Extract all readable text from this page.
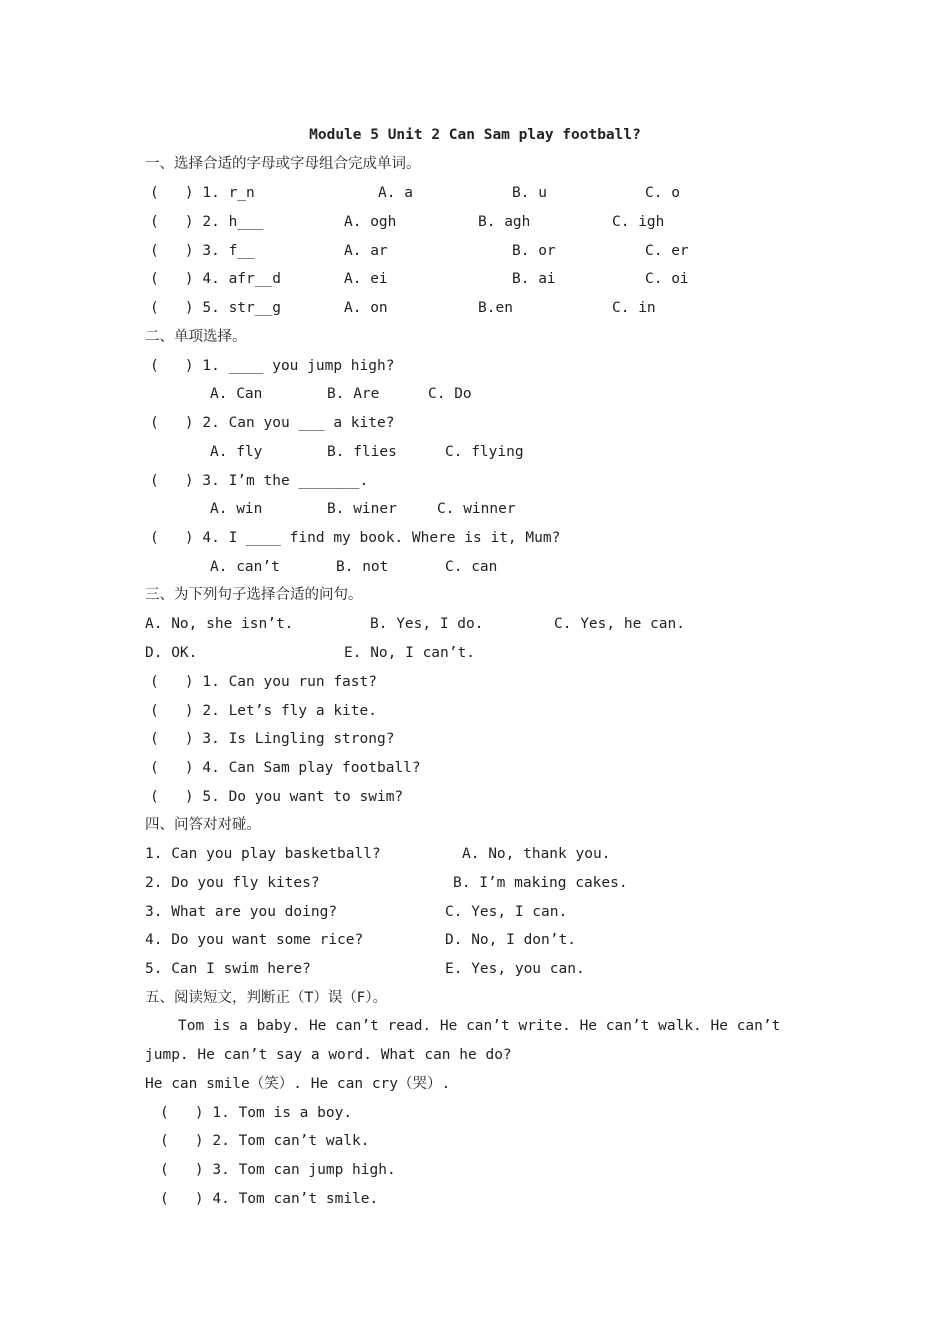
Module 5 Unit 2 Can Sam play football?
一、选择合适的字母或字母组合完成单词。
(   ) 1. r_n	A. a	B. u	C. o
(   ) 2. h___	A. ogh	B. agh	C. igh
(   ) 3. f__	A. ar	B. or	C. er
(   ) 4. afr__d	A. ei	B. ai	C. oi
(   ) 5. str__g	A. on	B.en	C. in
二、单项选择。
(   ) 1. ____ you jump high?
A. Can	B. Are	C. Do
(   ) 2. Can you ___ a kite?
A. fly	B. flies	C. flying
(   ) 3. I’m the _______.
A. win	B. winer	C. winner
(   ) 4. I ____ find my book. Where is it, Mum?
A. can’t	B. not	C. can
三、为下列句子选择合适的问句。
A. No, she isn’t.	B. Yes, I do.	C. Yes, he can.
D. OK.	E. No, I can’t.
(   ) 1. Can you run fast?
(   ) 2. Let’s fly a kite.
(   ) 3. Is Lingling strong?
(   ) 4. Can Sam play football?
(   ) 5. Do you want to swim?
四、问答对对碰。
1. Can you play basketball?	A. No, thank you.
2. Do you fly kites?	B. I’m making cakes.
3. What are you doing?	C. Yes, I can.
4. Do you want some rice?	D. No, I don’t.
5. Can I swim here?	E. Yes, you can.
五、阅读短文，判断正（T）误（F）。
Tom is a baby. He can’t read. He can’t write. He can’t walk. He can’t
jump. He can’t say a word. What can he do?
He can smile（笑）. He can cry（哭）.
(   ) 1. Tom is a boy.
(   ) 2. Tom can’t walk.
(   ) 3. Tom can jump high.
(   ) 4. Tom can’t smile.
